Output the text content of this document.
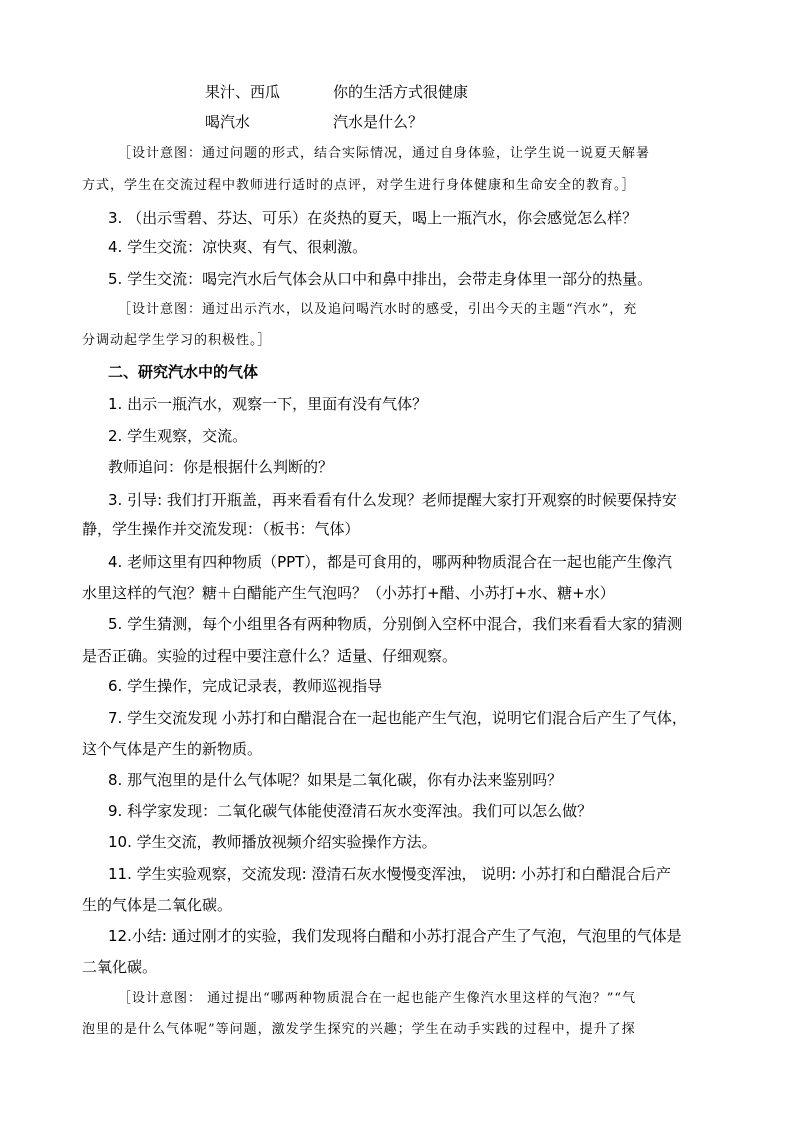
果汁、西瓜	你的生活方式很健康
喝汽水	汽水是什么？
［设计意图：通过问题的形式，结合实际情况，通过自身体验，让学生说一说夏天解暑
方式，学生在交流过程中教师进行适时的点评，对学生进行身体健康和生命安全的教育。］
3. （出示雪碧、芬达、可乐）在炎热的夏天，喝上一瓶汽水，你会感觉怎么样？
4. 学生交流：凉快爽、有气、很刺激。
5. 学生交流：喝完汽水后气体会从口中和鼻中排出，会带走身体里一部分的热量。
［设计意图：通过出示汽水，以及追问喝汽水时的感受，引出今天的主题“汽水”，充
分调动起学生学习的积极性。］
二、研究汽水中的气体
1. 出示一瓶汽水，观察一下，里面有没有气体？
2. 学生观察，交流。
教师追问：你是根据什么判断的？
3. 引导: 我们打开瓶盖，再来看看有什么发现？老师提醒大家打开观察的时候要保持安
静，学生操作并交流发现：（板书：气体）
4. 老师这里有四种物质（PPT），都是可食用的，哪两种物质混合在一起也能产生像汽
水里这样的气泡？糖＋白醋能产生气泡吗？（小苏打+醋、小苏打+水、糖+水）
5. 学生猜测，每个小组里各有两种物质，分别倒入空杯中混合，我们来看看大家的猜测
是否正确。实验的过程中要注意什么？适量、仔细观察。
6. 学生操作，完成记录表，教师巡视指导
7. 学生交流发现 小苏打和白醋混合在一起也能产生气泡，说明它们混合后产生了气体，
这个气体是产生的新物质。
8. 那气泡里的是什么气体呢？如果是二氧化碳，你有办法来鉴别吗？
9. 科学家发现：二氧化碳气体能使澄清石灰水变浑浊。我们可以怎么做？
10. 学生交流，教师播放视频介绍实验操作方法。
11. 学生实验观察，交流发现: 澄清石灰水慢慢变浑浊， 说明: 小苏打和白醋混合后产
生的气体是二氧化碳。
12.小结: 通过刚才的实验，我们发现将白醋和小苏打混合产生了气泡，气泡里的气体是
二氧化碳。
［设计意图： 通过提出“哪两种物质混合在一起也能产生像汽水里这样的气泡？”“气
泡里的是什么气体呢”等问题，激发学生探究的兴趣；学生在动手实践的过程中，提升了探
